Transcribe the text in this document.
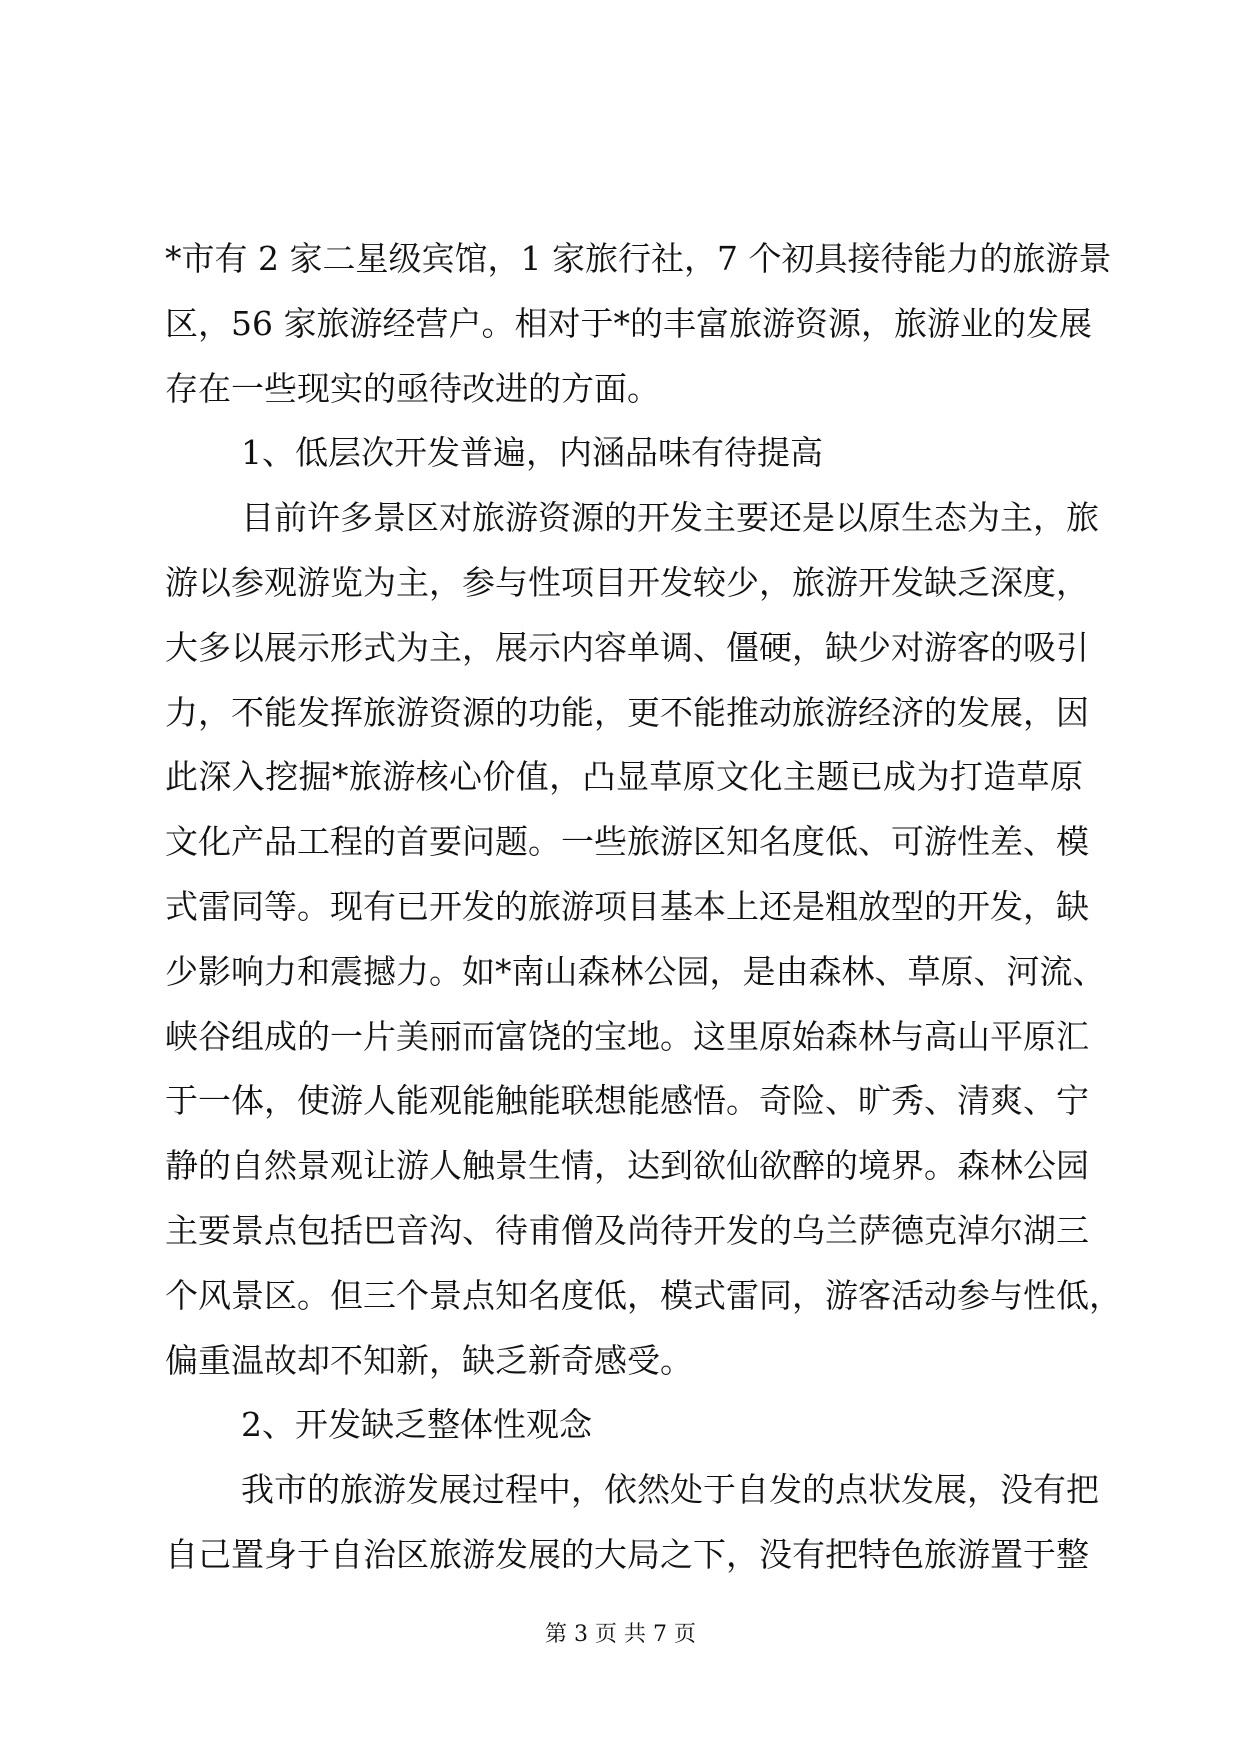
*市有 2 家二星级宾馆，1 家旅行社，7 个初具接待能力的旅游景
区，56 家旅游经营户。相对于*的丰富旅游资源，旅游业的发展
存在一些现实的亟待改进的方面。
1、低层次开发普遍，内涵品味有待提高
目前许多景区对旅游资源的开发主要还是以原生态为主，旅
游以参观游览为主，参与性项目开发较少，旅游开发缺乏深度，
大多以展示形式为主，展示内容单调、僵硬，缺少对游客的吸引
力，不能发挥旅游资源的功能，更不能推动旅游经济的发展，因
此深入挖掘*旅游核心价值，凸显草原文化主题已成为打造草原
文化产品工程的首要问题。一些旅游区知名度低、可游性差、模
式雷同等。现有已开发的旅游项目基本上还是粗放型的开发，缺
少影响力和震撼力。如*南山森林公园，是由森林、草原、河流、
峡谷组成的一片美丽而富饶的宝地。这里原始森林与高山平原汇
于一体，使游人能观能触能联想能感悟。奇险、旷秀、清爽、宁
静的自然景观让游人触景生情，达到欲仙欲醉的境界。森林公园
主要景点包括巴音沟、待甫僧及尚待开发的乌兰萨德克淖尔湖三
个风景区。但三个景点知名度低，模式雷同，游客活动参与性低，
偏重温故却不知新，缺乏新奇感受。
2、开发缺乏整体性观念
我市的旅游发展过程中，依然处于自发的点状发展，没有把
自己置身于自治区旅游发展的大局之下，没有把特色旅游置于整
第 3 页 共 7 页
